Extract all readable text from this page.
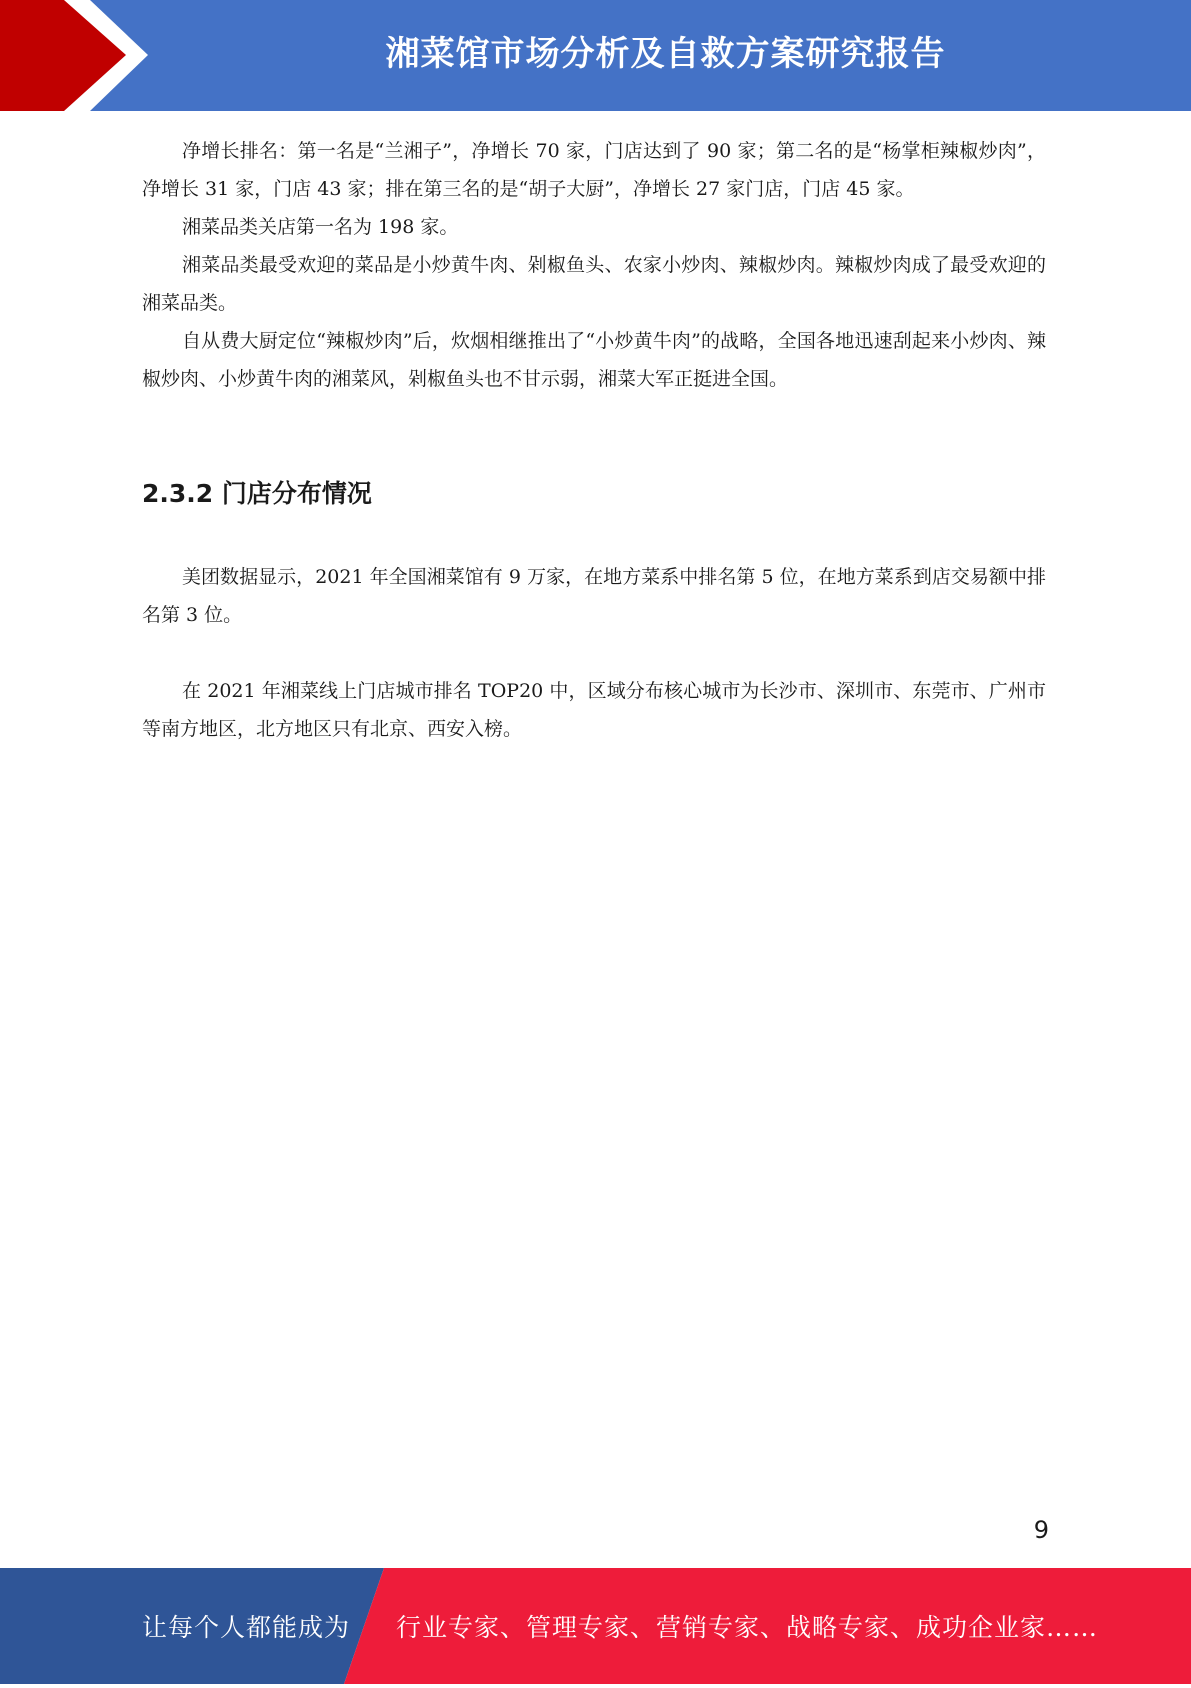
湘菜馆市场分析及自救方案研究报告

净增长排名：第一名是“兰湘子”，净增长 70 家，门店达到了 90 家；第二名的是“杨掌柜辣椒炒肉”，净增长 31 家，门店 43 家；排在第三名的是“胡子大厨”，净增长 27 家门店，门店 45 家。

湘菜品类关店第一名为 198 家。

湘菜品类最受欢迎的菜品是小炒黄牛肉、剁椒鱼头、农家小炒肉、辣椒炒肉。辣椒炒肉成了最受欢迎的湘菜品类。

自从费大厨定位“辣椒炒肉”后，炊烟相继推出了“小炒黄牛肉”的战略，全国各地迅速刮起来小炒肉、辣椒炒肉、小炒黄牛肉的湘菜风，剁椒鱼头也不甘示弱，湘菜大军正挺进全国。

2.3.2 门店分布情况

美团数据显示，2021 年全国湘菜馆有 9 万家，在地方菜系中排名第 5 位，在地方菜系到店交易额中排名第 3 位。

在 2021 年湘菜线上门店城市排名 TOP20 中，区域分布核心城市为长沙市、深圳市、东莞市、广州市等南方地区，北方地区只有北京、西安入榜。

9
让每个人都能成为 行业专家、管理专家、营销专家、战略专家、成功企业家……
